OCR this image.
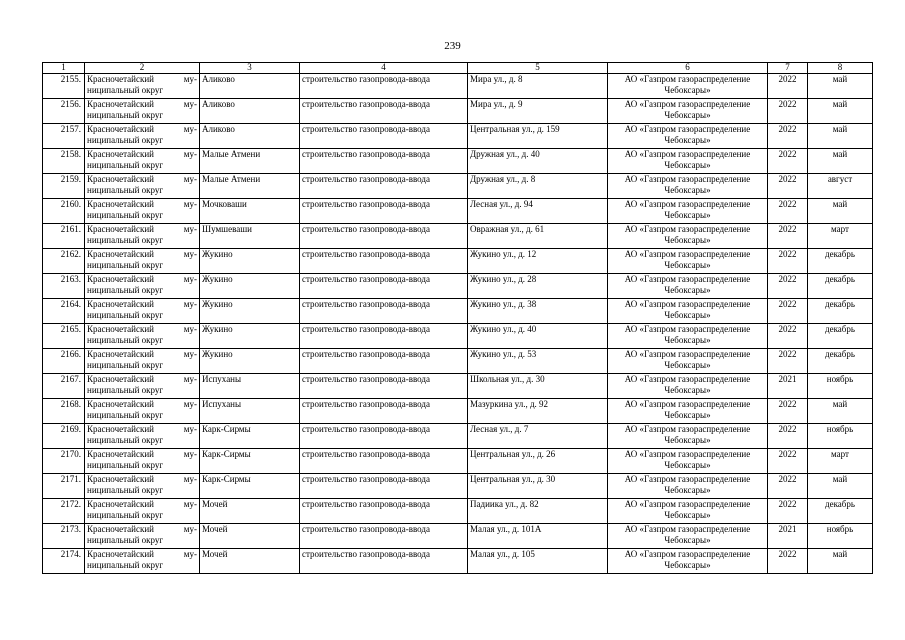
239
1	2	3	4	5	6	7	8
2155.	Красночетайский му-
ниципальный округ	Аликово	строительство газопровода-ввода	Мира ул., д. 8	АО «Газпром газораспределение
Чебоксары»	2022	май
2156.	Красночетайский му-
ниципальный округ	Аликово	строительство газопровода-ввода	Мира ул., д. 9	АО «Газпром газораспределение
Чебоксары»	2022	май
2157.	Красночетайский му-
ниципальный округ	Аликово	строительство газопровода-ввода	Центральная ул., д. 159	АО «Газпром газораспределение
Чебоксары»	2022	май
2158.	Красночетайский му-
ниципальный округ	Малые Атмени	строительство газопровода-ввода	Дружная ул., д. 40	АО «Газпром газораспределение
Чебоксары»	2022	май
2159.	Красночетайский му-
ниципальный округ	Малые Атмени	строительство газопровода-ввода	Дружная ул., д. 8	АО «Газпром газораспределение
Чебоксары»	2022	август
2160.	Красночетайский му-
ниципальный округ	Мочковаши	строительство газопровода-ввода	Лесная ул., д. 94	АО «Газпром газораспределение
Чебоксары»	2022	май
2161.	Красночетайский му-
ниципальный округ	Шумшеваши	строительство газопровода-ввода	Овражная ул., д. 61	АО «Газпром газораспределение
Чебоксары»	2022	март
2162.	Красночетайский му-
ниципальный округ	Жукино	строительство газопровода-ввода	Жукино ул., д. 12	АО «Газпром газораспределение
Чебоксары»	2022	декабрь
2163.	Красночетайский му-
ниципальный округ	Жукино	строительство газопровода-ввода	Жукино ул., д. 28	АО «Газпром газораспределение
Чебоксары»	2022	декабрь
2164.	Красночетайский му-
ниципальный округ	Жукино	строительство газопровода-ввода	Жукино ул., д. 38	АО «Газпром газораспределение
Чебоксары»	2022	декабрь
2165.	Красночетайский му-
ниципальный округ	Жукино	строительство газопровода-ввода	Жукино ул., д. 40	АО «Газпром газораспределение
Чебоксары»	2022	декабрь
2166.	Красночетайский му-
ниципальный округ	Жукино	строительство газопровода-ввода	Жукино ул., д. 53	АО «Газпром газораспределение
Чебоксары»	2022	декабрь
2167.	Красночетайский му-
ниципальный округ	Испуханы	строительство газопровода-ввода	Школьная ул., д. 30	АО «Газпром газораспределение
Чебоксары»	2021	ноябрь
2168.	Красночетайский му-
ниципальный округ	Испуханы	строительство газопровода-ввода	Мазуркина ул., д. 92	АО «Газпром газораспределение
Чебоксары»	2022	май
2169.	Красночетайский му-
ниципальный округ	Карк-Сирмы	строительство газопровода-ввода	Лесная ул., д. 7	АО «Газпром газораспределение
Чебоксары»	2022	ноябрь
2170.	Красночетайский му-
ниципальный округ	Карк-Сирмы	строительство газопровода-ввода	Центральная ул., д. 26	АО «Газпром газораспределение
Чебоксары»	2022	март
2171.	Красночетайский му-
ниципальный округ	Карк-Сирмы	строительство газопровода-ввода	Центральная ул., д. 30	АО «Газпром газораспределение
Чебоксары»	2022	май
2172.	Красночетайский му-
ниципальный округ	Мочей	строительство газопровода-ввода	Падиика ул., д. 82	АО «Газпром газораспределение
Чебоксары»	2022	декабрь
2173.	Красночетайский му-
ниципальный округ	Мочей	строительство газопровода-ввода	Малая ул., д. 101А	АО «Газпром газораспределение
Чебоксары»	2021	ноябрь
2174.	Красночетайский му-
ниципальный округ	Мочей	строительство газопровода-ввода	Малая ул., д. 105	АО «Газпром газораспределение
Чебоксары»	2022	май
